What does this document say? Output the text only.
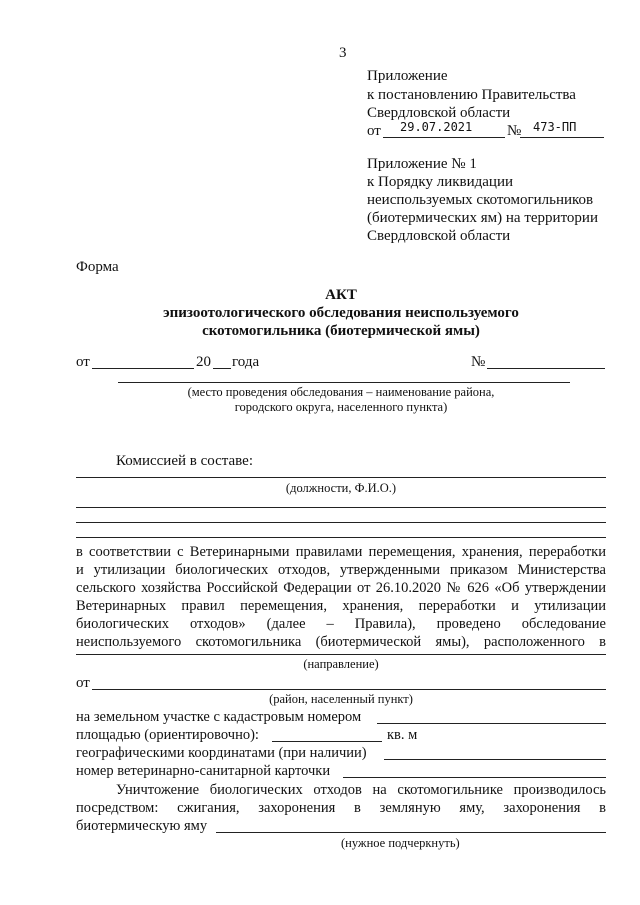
3
Приложение
к постановлению Правительства
Свердловской области
от 29.07.2021 № 473-ПП
Приложение № 1
к Порядку ликвидации
неиспользуемых скотомогильников
(биотермических ям) на территории
Свердловской области
Форма
АКТ
эпизоотологического обследования неиспользуемого
скотомогильника (биотермической ямы)
от	20 года	№
(место проведения обследования – наименование района,
городского округа, населенного пункта)
Комиссией в составе:
(должности, Ф.И.О.)
в соответствии с Ветеринарными правилами перемещения, хранения, переработки
и утилизации биологических отходов, утвержденными приказом Министерства
сельского хозяйства Российской Федерации от 26.10.2020 № 626 «Об утверждении
Ветеринарных правил перемещения, хранения, переработки и утилизации
биологических отходов» (далее – Правила), проведено обследование
неиспользуемого скотомогильника (биотермической ямы), расположенного в
(направление)
от
(район, населенный пункт)
на земельном участке с кадастровым номером
площадью (ориентировочно):	кв. м
географическими координатами (при наличии)
номер ветеринарно-санитарной карточки
Уничтожение биологических отходов на скотомогильнике производилось
посредством: сжигания, захоронения в земляную яму, захоронения в
биотермическую яму
(нужное подчеркнуть)
